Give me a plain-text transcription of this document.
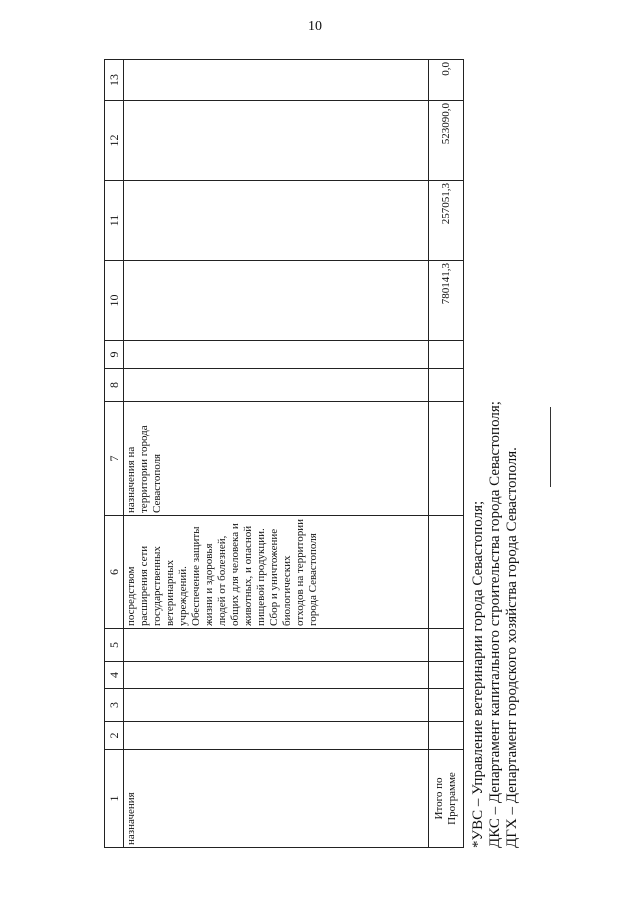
10
1	2	3	4	5	6	7	8	9	10	11	12	13
назначения					посредством расширения сети государственных ветеринарных учреждений. Обеспечение защиты жизни и здоровья людей от болезней, общих для человека и животных, и опасной пищевой продукции. Сбор и уничтожение биологических отходов на территории города Севастополя	назначения на территории города Севастополя						
Итого по Программе									780141,3	257051,3	523090,0	0,0
*УВС – Управление ветеринарии города Севастополя; ДКС – Департамент капитального строительства города Севастополя; ДГХ – Департамент городского хозяйства города Севастополя.
